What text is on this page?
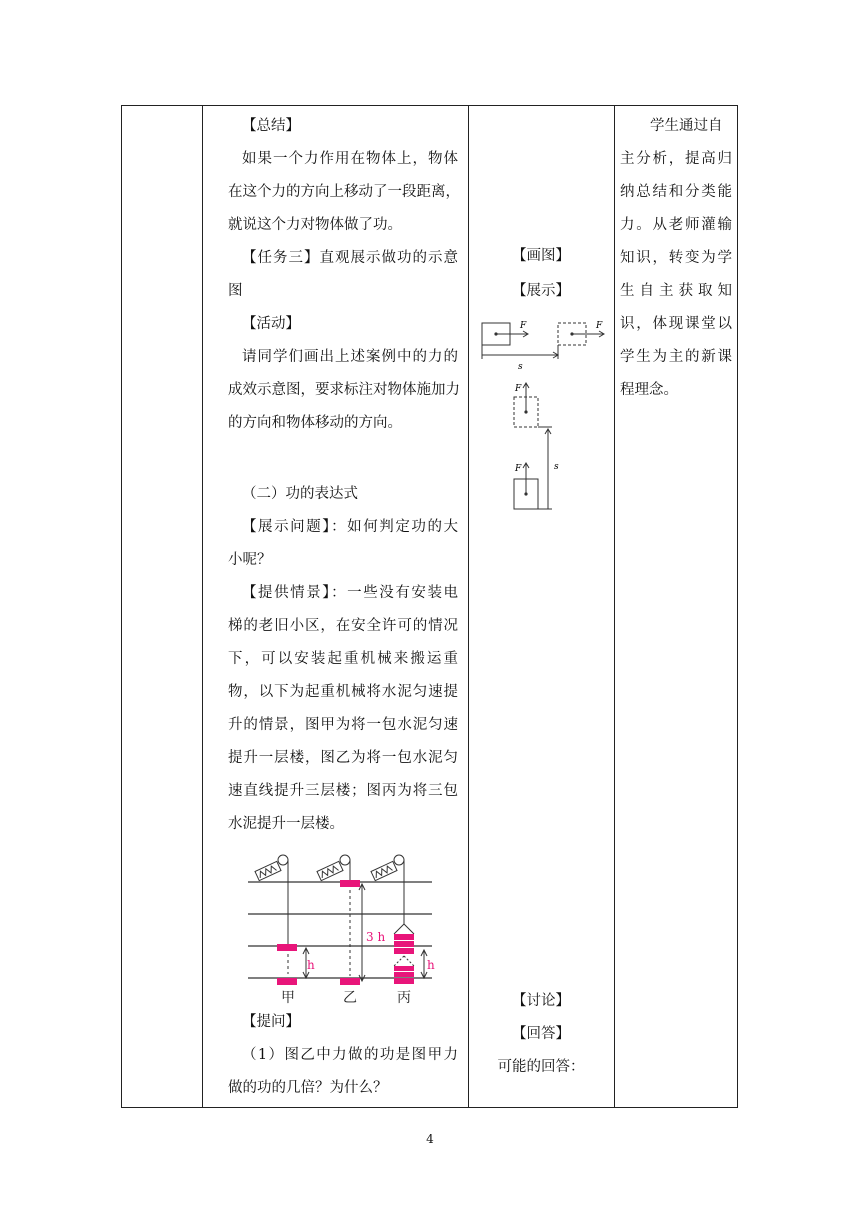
【总结】
如果一个力作用在物体上，物体
在这个力的方向上移动了一段距离，
就说这个力对物体做了功。
【任务三】直观展示做功的示意
图
【活动】
请同学们画出上述案例中的力的
成效示意图，要求标注对物体施加力
的方向和物体移动的方向。
（二）功的表达式
【展示问题】：如何判定功的大
小呢？
【提供情景】：一些没有安装电
梯的老旧小区，在安全许可的情况
下，可以安装起重机械来搬运重
物，以下为起重机械将水泥匀速提
升的情景，图甲为将一包水泥匀速
提升一层楼，图乙为将一包水泥匀
速直线提升三层楼；图丙为将三包
水泥提升一层楼。
【提问】
（1）图乙中力做的功是图甲力
做的功的几倍？为什么？
h
3 h
h
甲	乙	丙
【画图】
【展示】
F	F
s
F
F	s
【讨论】
【回答】
可能的回答：
学生通过自
主分析，提高归
纳总结和分类能
力。从老师灌输
知识，转变为学
生自主获取知
识，体现课堂以
学生为主的新课
程理念。
4
